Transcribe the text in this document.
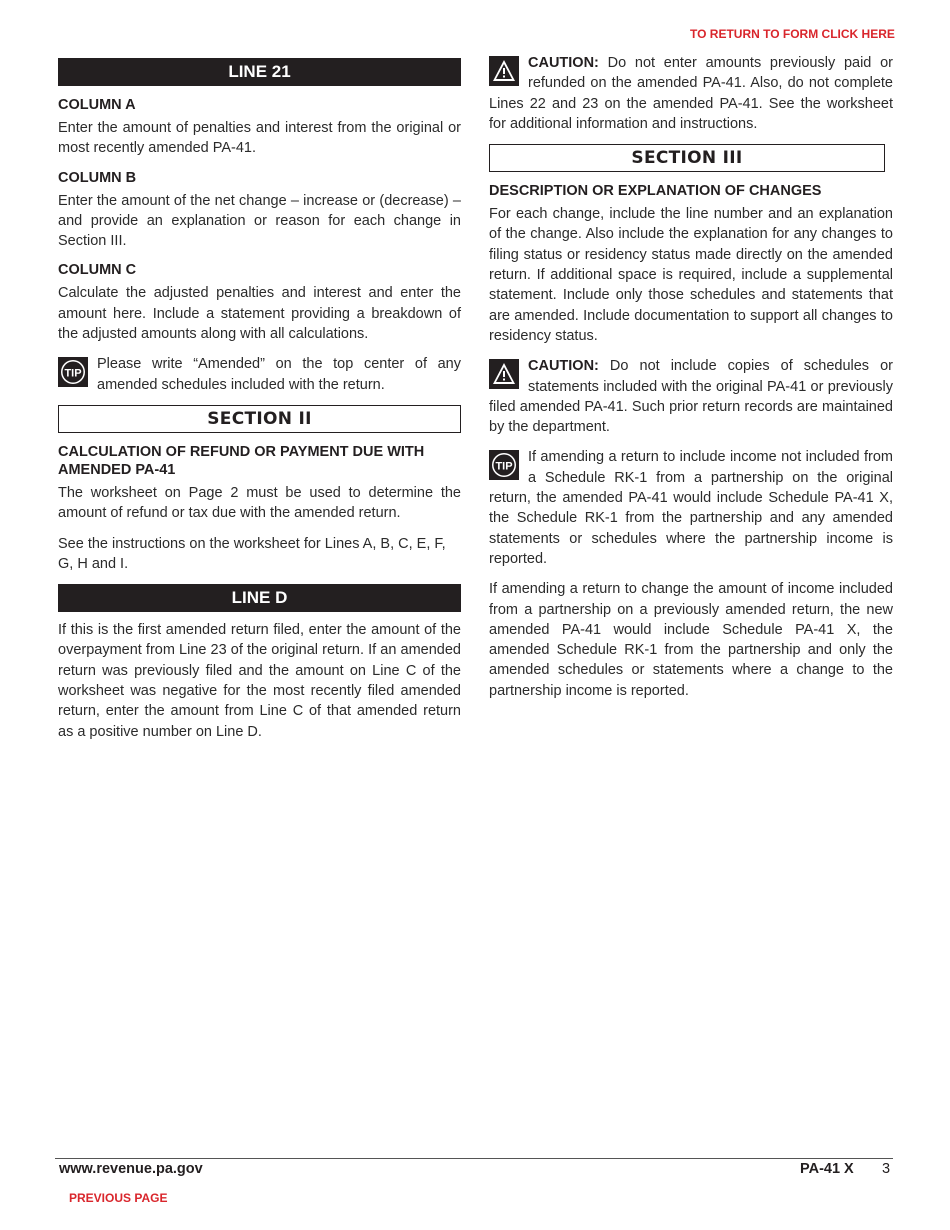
TO RETURN TO FORM CLICK HERE
LINE 21
COLUMN A

Enter the amount of penalties and interest from the original or most recently amended PA-41.

COLUMN B

Enter the amount of the net change – increase or (decrease) – and provide an explanation or reason for each change in Section III.

COLUMN C

Calculate the adjusted penalties and interest and enter the amount here. Include a statement providing a breakdown of the adjusted amounts along with all calculations.

TIP

Please write “Amended” on the top center of any amended schedules included with the return.

SECTION II
CALCULATION OF REFUND OR PAYMENT DUE WITH AMENDED PA-41

The worksheet on Page 2 must be used to determine the amount of refund or tax due with the amended return.

See the instructions on the worksheet for Lines A, B, C, E, F, G, H and I.

LINE D

If this is the first amended return filed, enter the amount of the overpayment from Line 23 of the original return. If an amended return was previously filed and the amount on Line C of the worksheet was negative for the most recently filed amended return, enter the amount from Line C of that amended return as a positive number on Line D.

CAUTION: Do not enter amounts previously paid or refunded on the amended PA-41. Also, do not complete Lines 22 and 23 on the amended PA-41. See the worksheet for additional information and instructions.

SECTION III
DESCRIPTION OR EXPLANATION OF CHANGES

For each change, include the line number and an explanation of the change. Also include the explanation for any changes to filing status or residency status made directly on the amended return. If additional space is required, include a supplemental statement. Include only those schedules and statements that are amended. Include documentation to support all changes to residency status.

CAUTION: Do not include copies of schedules or statements included with the original PA-41 or previously filed amended PA-41. Such prior return records are maintained by the department.

TIP

If amending a return to include income not included from a Schedule RK-1 from a partnership on the original return, the amended PA-41 would include Schedule PA-41 X, the Schedule RK-1 from the partnership and any amended statements or schedules where the partnership income is reported.

If amending a return to change the amount of income included from a partnership on a previously amended return, the new amended PA-41 would include Schedule PA-41 X, the amended Schedule RK-1 from the partnership and only the amended schedules or statements where a change to the partnership income is reported.

www.revenue.pa.gov	PA-41 X 3
PREVIOUS PAGE
